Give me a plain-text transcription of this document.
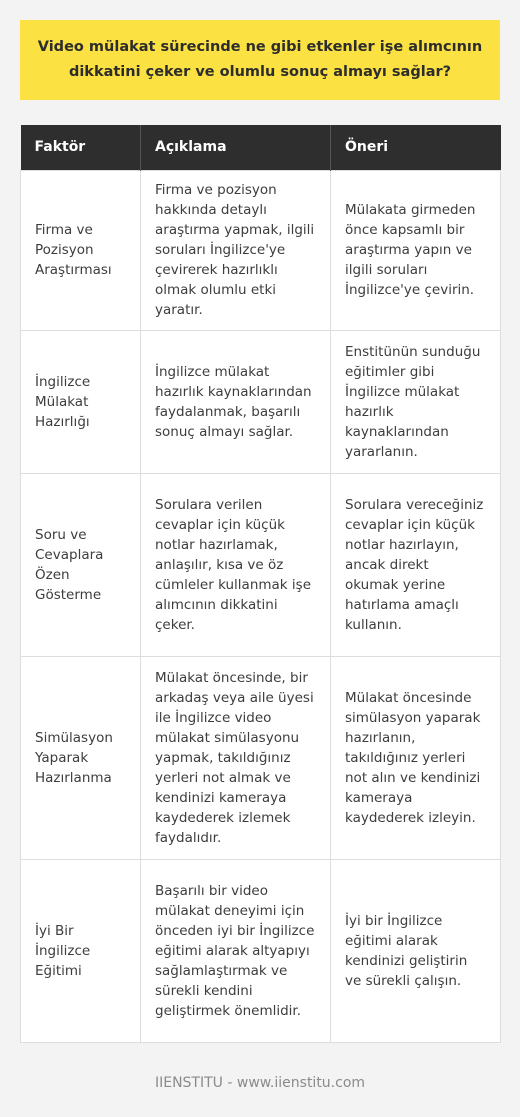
Video mülakat sürecinde ne gibi etkenler işe alımcının dikkatini çeker ve olumlu sonuç almayı sağlar?
Faktör	Açıklama	Öneri
Firma ve Pozisyon Araştırması	Firma ve pozisyon hakkında detaylı araştırma yapmak, ilgili soruları İngilizce'ye çevirerek hazırlıklı olmak olumlu etki yaratır.	Mülakata girmeden önce kapsamlı bir araştırma yapın ve ilgili soruları İngilizce'ye çevirin.
İngilizce Mülakat Hazırlığı	İngilizce mülakat hazırlık kaynaklarından faydalanmak, başarılı sonuç almayı sağlar.	Enstitünün sunduğu eğitimler gibi İngilizce mülakat hazırlık kaynaklarından yararlanın.
Soru ve Cevaplara Özen Gösterme	Sorulara verilen cevaplar için küçük notlar hazırlamak, anlaşılır, kısa ve öz cümleler kullanmak işe alımcının dikkatini çeker.	Sorulara vereceğiniz cevaplar için küçük notlar hazırlayın, ancak direkt okumak yerine hatırlama amaçlı kullanın.
Simülasyon Yaparak Hazırlanma	Mülakat öncesinde, bir arkadaş veya aile üyesi ile İngilizce video mülakat simülasyonu yapmak, takıldığınız yerleri not almak ve kendinizi kameraya kaydederek izlemek faydalıdır.	Mülakat öncesinde simülasyon yaparak hazırlanın, takıldığınız yerleri not alın ve kendinizi kameraya kaydederek izleyin.
İyi Bir İngilizce Eğitimi	Başarılı bir video mülakat deneyimi için önceden iyi bir İngilizce eğitimi alarak altyapıyı sağlamlaştırmak ve sürekli kendini geliştirmek önemlidir.	İyi bir İngilizce eğitimi alarak kendinizi geliştirin ve sürekli çalışın.
IIENSTITU - www.iienstitu.com
